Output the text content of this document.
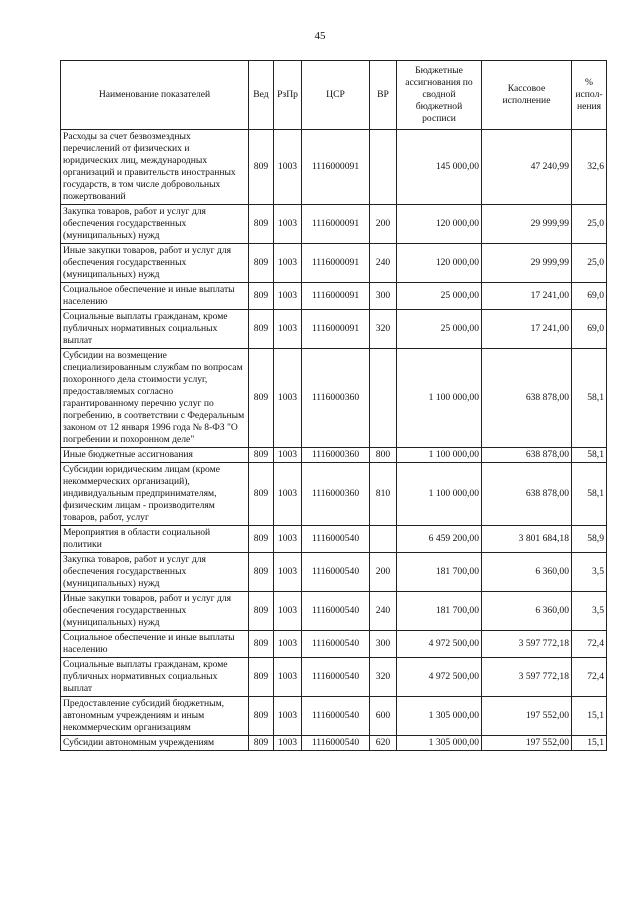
45
Наименование показателей	Вед	РзПр	ЦСР	ВР	Бюджетные ассигнования по сводной бюджетной росписи	Кассовое исполнение	% испол-нения
Расходы за счет безвозмездных перечислений от физических и юридических лиц, международных организаций и правительств иностранных государств, в том числе добровольных пожертвований	809	1003	1116000091		145 000,00	47 240,99	32,6
Закупка товаров, работ и услуг для обеспечения государственных (муниципальных) нужд	809	1003	1116000091	200	120 000,00	29 999,99	25,0
Иные закупки товаров, работ и услуг для обеспечения государственных (муниципальных) нужд	809	1003	1116000091	240	120 000,00	29 999,99	25,0
Социальное обеспечение и иные выплаты населению	809	1003	1116000091	300	25 000,00	17 241,00	69,0
Социальные выплаты гражданам, кроме публичных нормативных социальных выплат	809	1003	1116000091	320	25 000,00	17 241,00	69,0
Субсидии на возмещение специализированным службам по вопросам похоронного дела стоимости услуг, предоставляемых согласно гарантированному перечню услуг по погребению, в соответствии с Федеральным законом от 12 января 1996 года № 8-ФЗ "О погребении и похоронном деле"	809	1003	1116000360		1 100 000,00	638 878,00	58,1
Иные бюджетные ассигнования	809	1003	1116000360	800	1 100 000,00	638 878,00	58,1
Субсидии юридическим лицам (кроме некоммерческих организаций), индивидуальным предпринимателям, физическим лицам - производителям товаров, работ, услуг	809	1003	1116000360	810	1 100 000,00	638 878,00	58,1
Мероприятия в области социальной политики	809	1003	1116000540		6 459 200,00	3 801 684,18	58,9
Закупка товаров, работ и услуг для обеспечения государственных (муниципальных) нужд	809	1003	1116000540	200	181 700,00	6 360,00	3,5
Иные закупки товаров, работ и услуг для обеспечения государственных (муниципальных) нужд	809	1003	1116000540	240	181 700,00	6 360,00	3,5
Социальное обеспечение и иные выплаты населению	809	1003	1116000540	300	4 972 500,00	3 597 772,18	72,4
Социальные выплаты гражданам, кроме публичных нормативных социальных выплат	809	1003	1116000540	320	4 972 500,00	3 597 772,18	72,4
Предоставление субсидий бюджетным, автономным учреждениям и иным некоммерческим организациям	809	1003	1116000540	600	1 305 000,00	197 552,00	15,1
Субсидии автономным учреждениям	809	1003	1116000540	620	1 305 000,00	197 552,00	15,1
